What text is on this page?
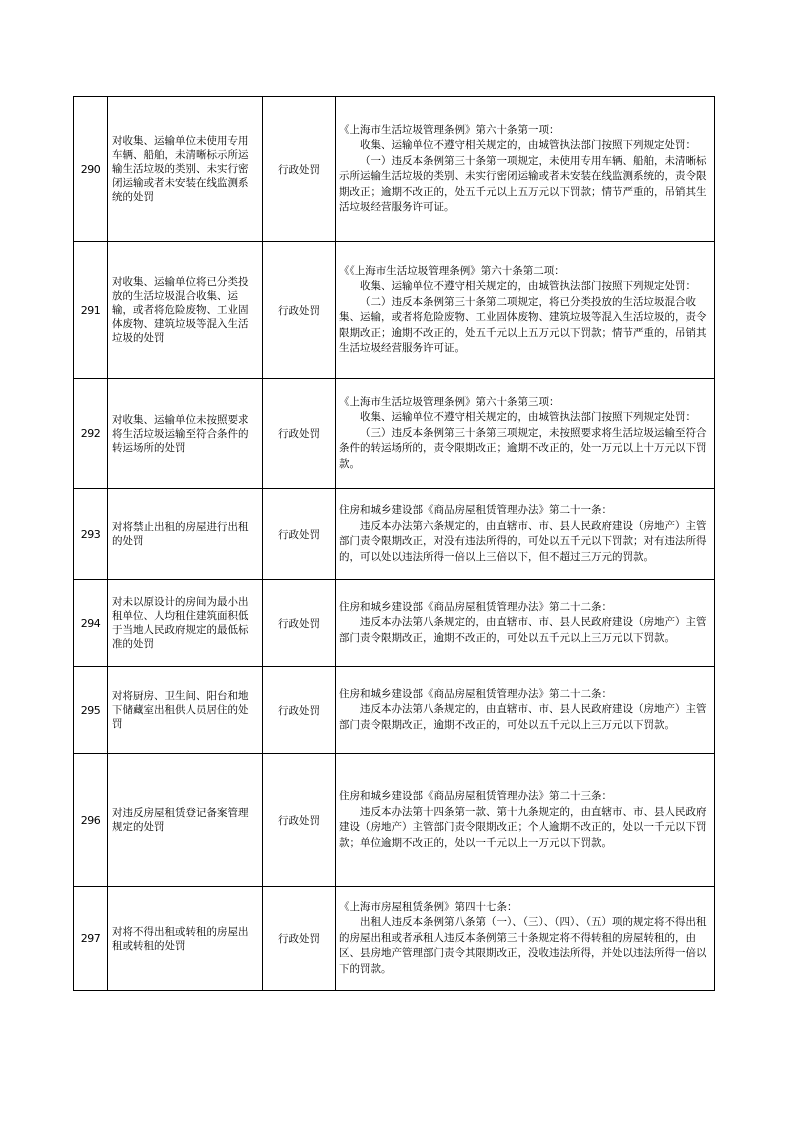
290	对收集、运输单位未使用专用车辆、船舶，未清晰标示所运输生活垃圾的类别、未实行密闭运输或者未安装在线监测系统的处罚	行政处罚	《上海市生活垃圾管理条例》第六十条第一项：

收集、运输单位不遵守相关规定的，由城管执法部门按照下列规定处罚：

（一）违反本条例第三十条第一项规定，未使用专用车辆、船舶，未清晰标示所运输生活垃圾的类别、未实行密闭运输或者未安装在线监测系统的，责令限期改正；逾期不改正的，处五千元以上五万元以下罚款；情节严重的，吊销其生活垃圾经营服务许可证。

291	对收集、运输单位将已分类投放的生活垃圾混合收集、运输，或者将危险废物、工业固体废物、建筑垃圾等混入生活垃圾的处罚	行政处罚	《《上海市生活垃圾管理条例》第六十条第二项：

收集、运输单位不遵守相关规定的，由城管执法部门按照下列规定处罚：

（二）违反本条例第三十条第二项规定，将已分类投放的生活垃圾混合收集、运输，或者将危险废物、工业固体废物、建筑垃圾等混入生活垃圾的，责令限期改正；逾期不改正的，处五千元以上五万元以下罚款；情节严重的，吊销其生活垃圾经营服务许可证。

292	对收集、运输单位未按照要求将生活垃圾运输至符合条件的转运场所的处罚	行政处罚	《上海市生活垃圾管理条例》第六十条第三项：

收集、运输单位不遵守相关规定的，由城管执法部门按照下列规定处罚：

（三）违反本条例第三十条第三项规定，未按照要求将生活垃圾运输至符合条件的转运场所的，责令限期改正；逾期不改正的，处一万元以上十万元以下罚款。

293	对将禁止出租的房屋进行出租的处罚	行政处罚	住房和城乡建设部《商品房屋租赁管理办法》第二十一条：

违反本办法第六条规定的，由直辖市、市、县人民政府建设（房地产）主管部门责令限期改正，对没有违法所得的，可处以五千元以下罚款；对有违法所得的，可以处以违法所得一倍以上三倍以下，但不超过三万元的罚款。

294	对未以原设计的房间为最小出租单位、人均租住建筑面积低于当地人民政府规定的最低标准的处罚	行政处罚	住房和城乡建设部《商品房屋租赁管理办法》第二十二条：

违反本办法第八条规定的，由直辖市、市、县人民政府建设（房地产）主管部门责令限期改正，逾期不改正的，可处以五千元以上三万元以下罚款。

295	对将厨房、卫生间、阳台和地下储藏室出租供人员居住的处罚	行政处罚	住房和城乡建设部《商品房屋租赁管理办法》第二十二条：

违反本办法第八条规定的，由直辖市、市、县人民政府建设（房地产）主管部门责令限期改正，逾期不改正的，可处以五千元以上三万元以下罚款。

296	对违反房屋租赁登记备案管理规定的处罚	行政处罚	住房和城乡建设部《商品房屋租赁管理办法》第二十三条：

违反本办法第十四条第一款、第十九条规定的，由直辖市、市、县人民政府建设（房地产）主管部门责令限期改正；个人逾期不改正的，处以一千元以下罚款；单位逾期不改正的，处以一千元以上一万元以下罚款。

297	对将不得出租或转租的房屋出租或转租的处罚	行政处罚	《上海市房屋租赁条例》第四十七条：

出租人违反本条例第八条第（一）、（三）、（四）、（五）项的规定将不得出租的房屋出租或者承租人违反本条例第三十条规定将不得转租的房屋转租的，由区、县房地产管理部门责令其限期改正，没收违法所得，并处以违法所得一倍以下的罚款。
